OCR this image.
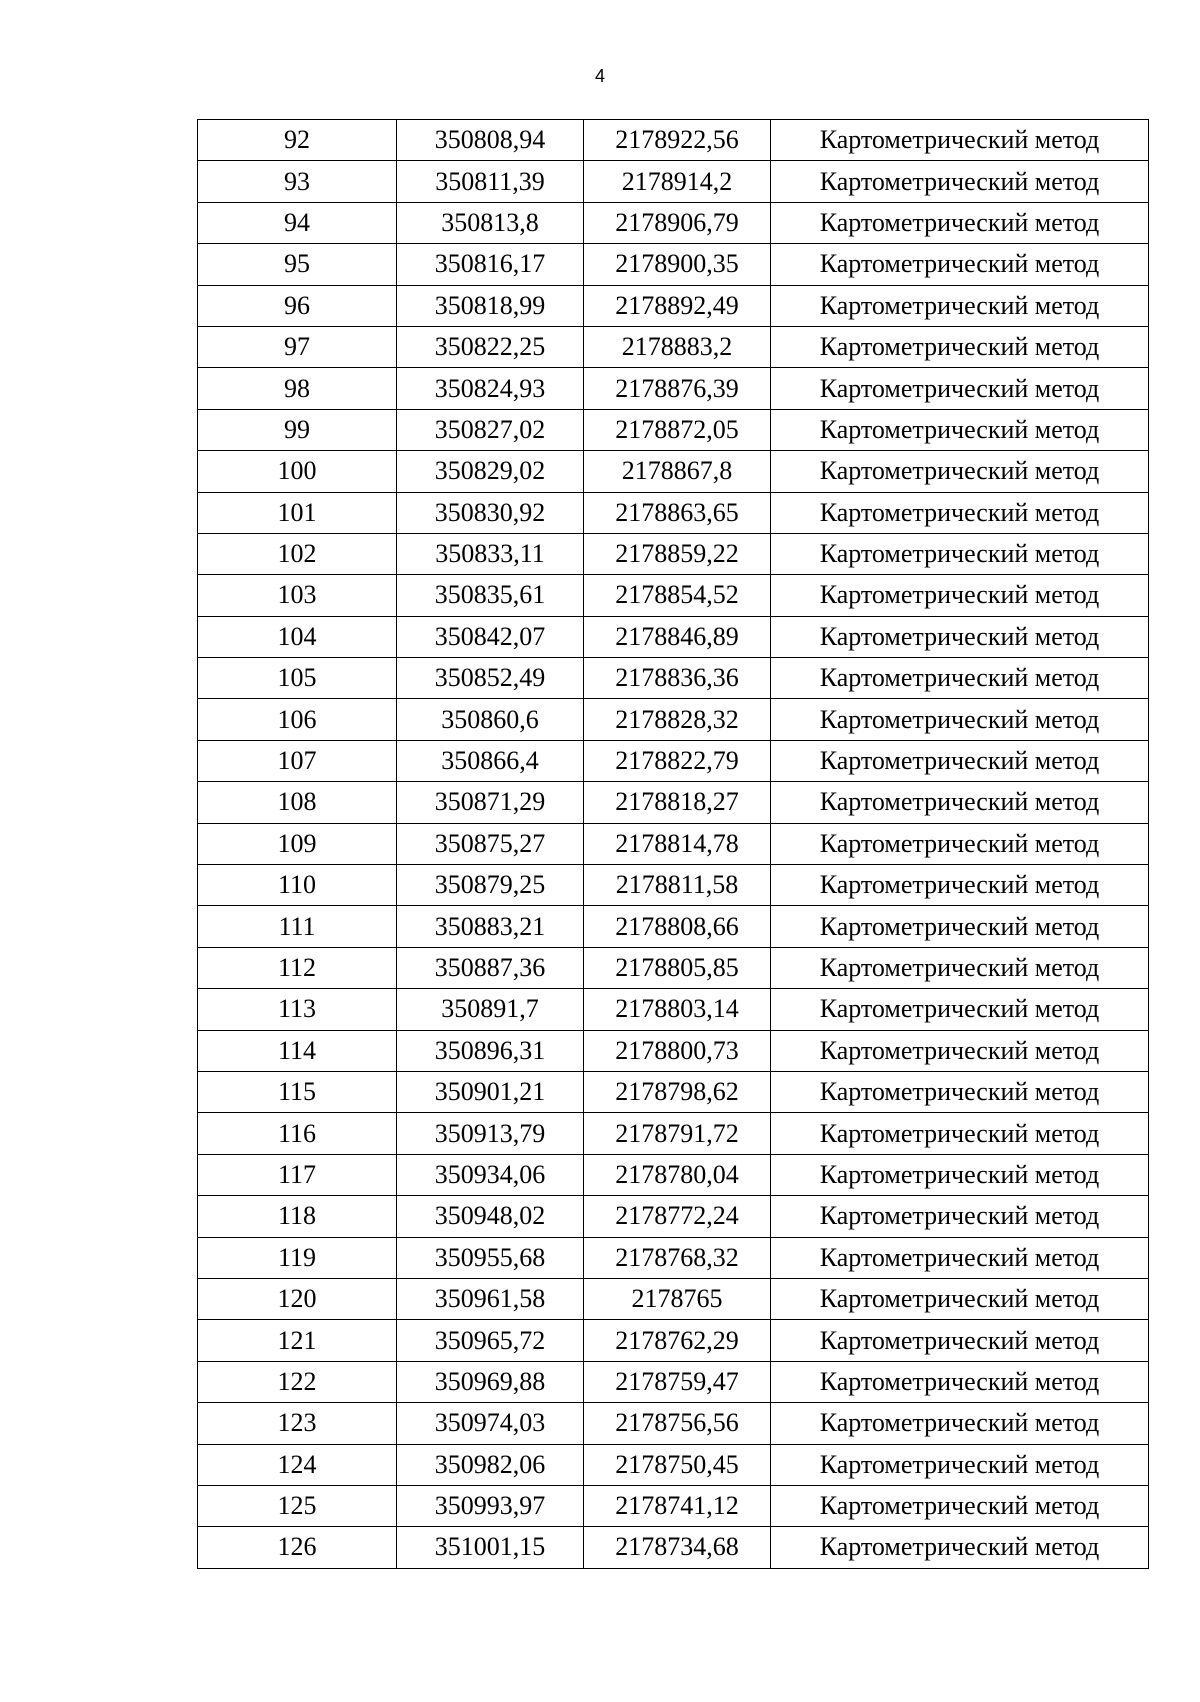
4
92	350808,94	2178922,56	Картометрический метод
93	350811,39	2178914,2	Картометрический метод
94	350813,8	2178906,79	Картометрический метод
95	350816,17	2178900,35	Картометрический метод
96	350818,99	2178892,49	Картометрический метод
97	350822,25	2178883,2	Картометрический метод
98	350824,93	2178876,39	Картометрический метод
99	350827,02	2178872,05	Картометрический метод
100	350829,02	2178867,8	Картометрический метод
101	350830,92	2178863,65	Картометрический метод
102	350833,11	2178859,22	Картометрический метод
103	350835,61	2178854,52	Картометрический метод
104	350842,07	2178846,89	Картометрический метод
105	350852,49	2178836,36	Картометрический метод
106	350860,6	2178828,32	Картометрический метод
107	350866,4	2178822,79	Картометрический метод
108	350871,29	2178818,27	Картометрический метод
109	350875,27	2178814,78	Картометрический метод
110	350879,25	2178811,58	Картометрический метод
111	350883,21	2178808,66	Картометрический метод
112	350887,36	2178805,85	Картометрический метод
113	350891,7	2178803,14	Картометрический метод
114	350896,31	2178800,73	Картометрический метод
115	350901,21	2178798,62	Картометрический метод
116	350913,79	2178791,72	Картометрический метод
117	350934,06	2178780,04	Картометрический метод
118	350948,02	2178772,24	Картометрический метод
119	350955,68	2178768,32	Картометрический метод
120	350961,58	2178765	Картометрический метод
121	350965,72	2178762,29	Картометрический метод
122	350969,88	2178759,47	Картометрический метод
123	350974,03	2178756,56	Картометрический метод
124	350982,06	2178750,45	Картометрический метод
125	350993,97	2178741,12	Картометрический метод
126	351001,15	2178734,68	Картометрический метод
